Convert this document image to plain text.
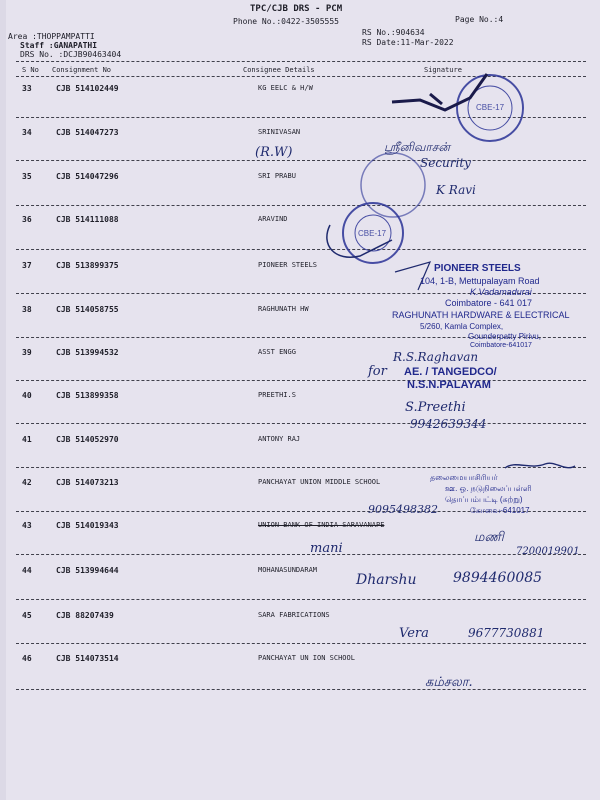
TPC/CJB DRS - PCM
Phone No.:0422-3505555	Page No.:4
RS No.:904634
RS Date:11-Mar-2022
Area :THOPPAMPATTI
Staff :GANAPATHI
DRS No. :DCJB90463404
S No Consignment No	Consignee Details	Signature
33	CJB 514102449	KG EELC & H/W
34	CJB 514047273	SRINIVASAN
35	CJB 514047296	SRI PRABU
36	CJB 514111088	ARAVIND
37	CJB 513899375	PIONEER STEELS
38	CJB 514058755	RAGHUNATH HW
39	CJB 513994532	ASST ENGG
40	CJB 513899358	PREETHI.S
41	CJB 514052970	ANTONY RAJ
42	CJB 514073213	PANCHAYAT UNION MIDDLE SCHOOL
43	CJB 514019343	UNION BANK OF INDIA SARAVANAPE
44	CJB 513994644	MOHANASUNDARAM
45	CJB 88207439	SARA FABRICATIONS
46	CJB 514073514	PANCHAYAT UN ION SCHOOL
CBE-17
CBE-17
(R.W)	ஸ்ரீனிவாசன்
Security
K Ravi
PIONEER STEELS
104, 1-B, Mettupalayam Road
K.Vadamadurai
Coimbatore - 641 017
RAGHUNATH HARDWARE & ELECTRICAL
5/260, Kamla Complex,
Gounderpatty Pirivu,
Coimbatore-641017
R.S.Raghavan
for AE. / TANGEDCO/
N.S.N.PALAYAM
S.Preethi
9942639344
தலைமையாசிரியர்
ஊ. ஒ. நடுநிலைப்பள்ளி
தொப்பம்பட்டி (சுற்று)
கோவை-641017
9095498382
mani
மணி
7200019901
Dharshu	9894460085
Vera	9677730881
கம்சலா.
